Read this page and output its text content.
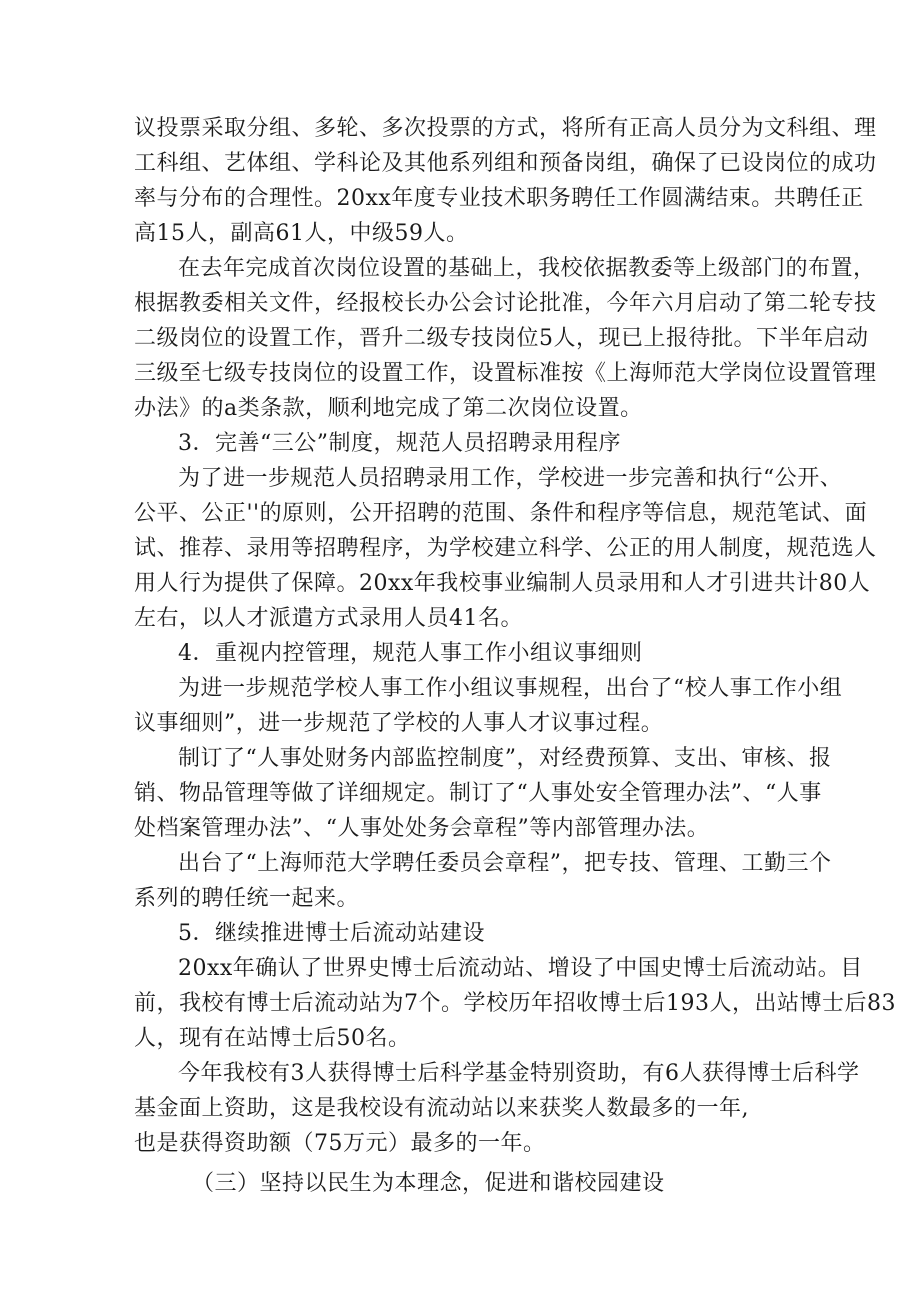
议投票采取分组、多轮、多次投票的方式，将所有正高人员分为文科组、理
工科组、艺体组、学科论及其他系列组和预备岗组，确保了已设岗位的成功
率与分布的合理性。20xx年度专业技术职务聘任工作圆满结束。共聘任正
高15人，副高61人，中级59人。
在去年完成首次岗位设置的基础上，我校依据教委等上级部门的布置，
根据教委相关文件，经报校长办公会讨论批准，今年六月启动了第二轮专技
二级岗位的设置工作，晋升二级专技岗位5人，现已上报待批。下半年启动
三级至七级专技岗位的设置工作，设置标准按《上海师范大学岗位设置管理
办法》的a类条款，顺利地完成了第二次岗位设置。
3．完善“三公”制度，规范人员招聘录用程序
为了进一步规范人员招聘录用工作，学校进一步完善和执行“公开、
公平、公正''的原则，公开招聘的范围、条件和程序等信息，规范笔试、面
试、推荐、录用等招聘程序，为学校建立科学、公正的用人制度，规范选人
用人行为提供了保障。20xx年我校事业编制人员录用和人才引进共计80人
左右，以人才派遣方式录用人员41名。
4．重视内控管理，规范人事工作小组议事细则
为进一步规范学校人事工作小组议事规程，出台了“校人事工作小组
议事细则”，进一步规范了学校的人事人才议事过程。
制订了“人事处财务内部监控制度”，对经费预算、支出、审核、报
销、物品管理等做了详细规定。制订了“人事处安全管理办法”、“人事
处档案管理办法”、“人事处处务会章程”等内部管理办法。
出台了“上海师范大学聘任委员会章程”，把专技、管理、工勤三个
系列的聘任统一起来。
5．继续推进博士后流动站建设
20xx年确认了世界史博士后流动站、增设了中国史博士后流动站。目
前，我校有博士后流动站为7个。学校历年招收博士后193人，出站博士后83
人，现有在站博士后50名。
今年我校有3人获得博士后科学基金特别资助，有6人获得博士后科学
基金面上资助，这是我校设有流动站以来获奖人数最多的一年,
也是获得资助额（75万元）最多的一年。
（三）坚持以民生为本理念，促进和谐校园建设
